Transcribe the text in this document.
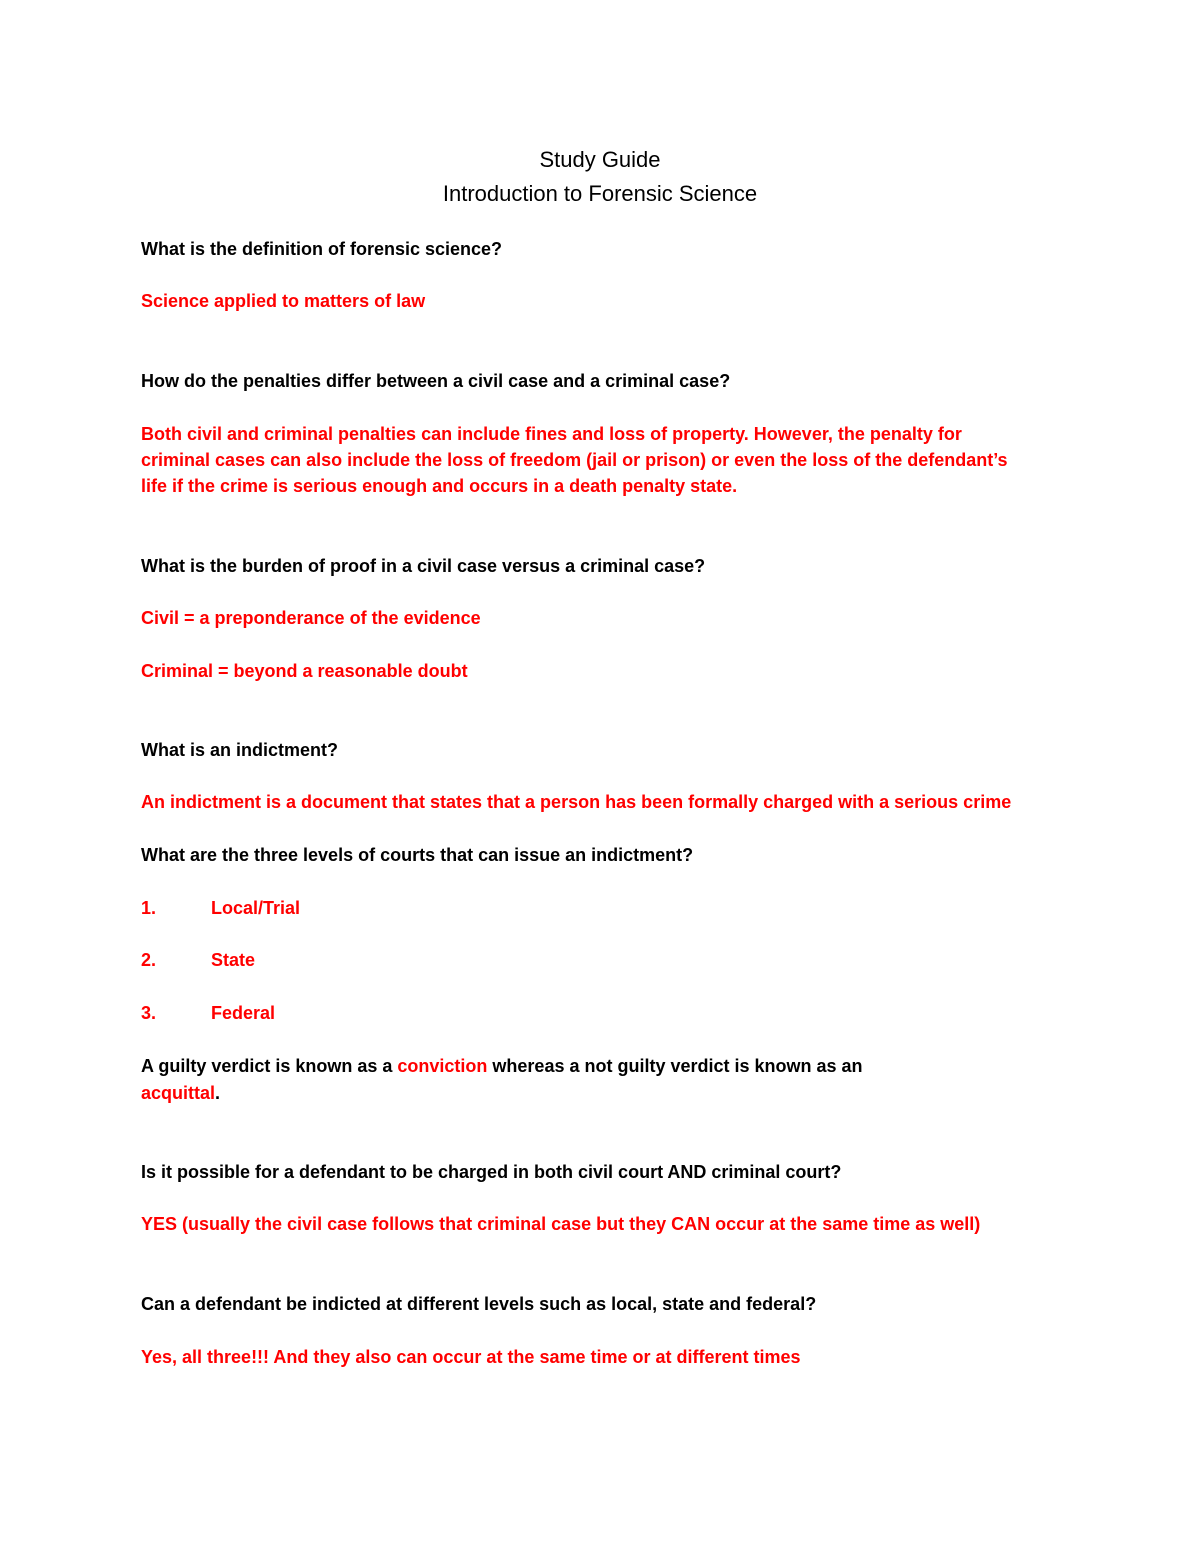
Study Guide
Introduction to Forensic Science
What is the definition of forensic science?
Science applied to matters of law
How do the penalties differ between a civil case and a criminal case?
Both civil and criminal penalties can include fines and loss of property. However, the penalty for
criminal cases can also include the loss of freedom (jail or prison) or even the loss of the defendant’s
life if the crime is serious enough and occurs in a death penalty state.
What is the burden of proof in a civil case versus a criminal case?
Civil = a preponderance of the evidence
Criminal = beyond a reasonable doubt
What is an indictment?
An indictment is a document that states that a person has been formally charged with a serious crime
What are the three levels of courts that can issue an indictment?
1.	Local/Trial
2.	State
3.	Federal
A guilty verdict is known as a conviction whereas a not guilty verdict is known as an
acquittal.
Is it possible for a defendant to be charged in both civil court AND criminal court?
YES (usually the civil case follows that criminal case but they CAN occur at the same time as well)
Can a defendant be indicted at different levels such as local, state and federal?
Yes, all three!!! And they also can occur at the same time or at different times
